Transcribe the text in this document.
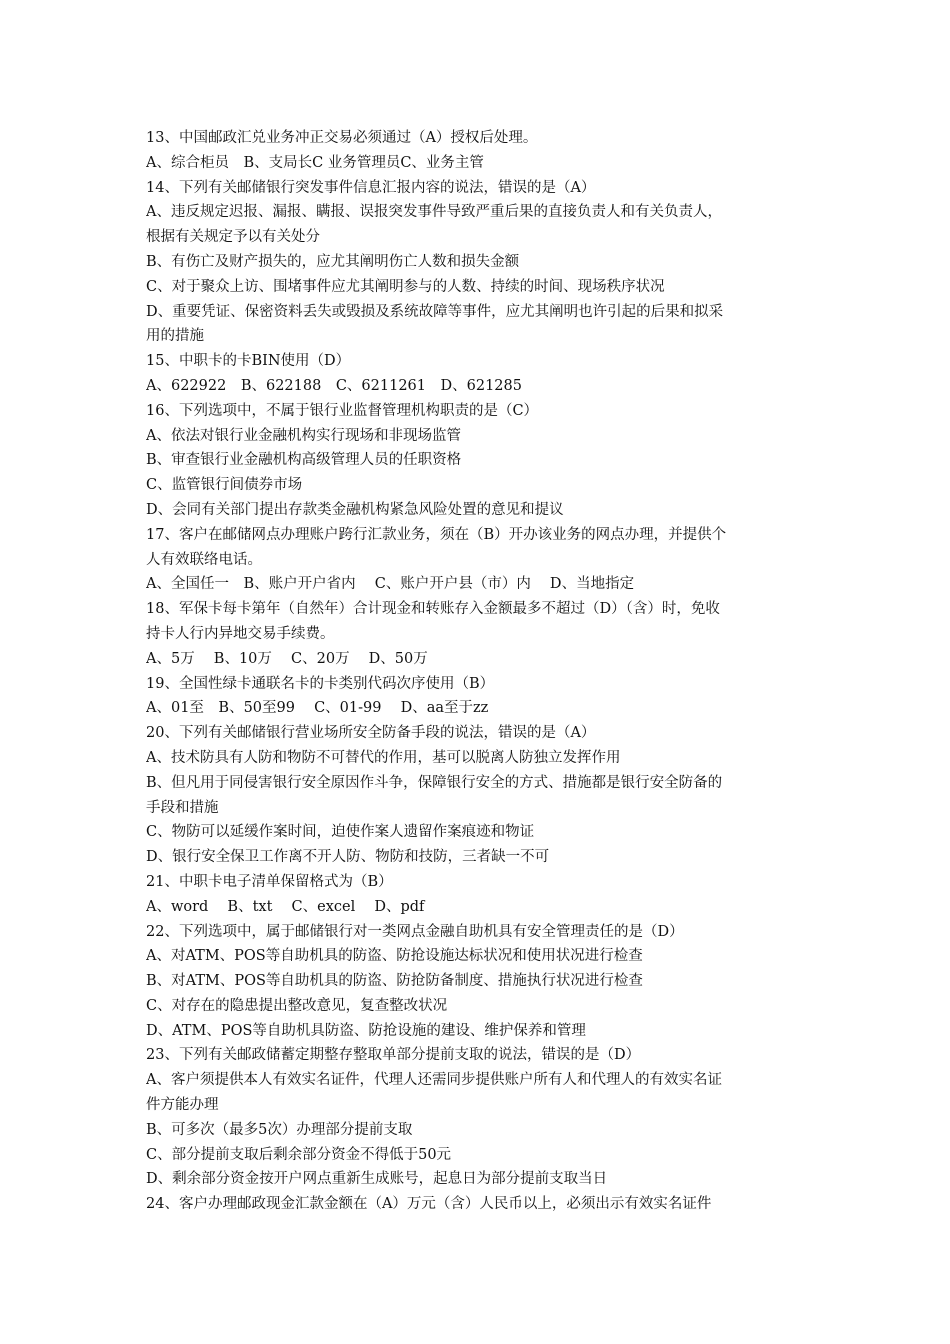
13、中国邮政汇兑业务冲正交易必须通过（A）授权后处理。
A、综合柜员　B、支局长C 业务管理员C、业务主管
14、下列有关邮储银行突发事件信息汇报内容的说法，错误的是（A）
A、违反规定迟报、漏报、瞒报、误报突发事件导致严重后果的直接负责人和有关负责人，
根据有关规定予以有关处分
B、有伤亡及财产损失的，应尤其阐明伤亡人数和损失金额
C、对于聚众上访、围堵事件应尤其阐明参与的人数、持续的时间、现场秩序状况
D、重要凭证、保密资料丢失或毁损及系统故障等事件，应尤其阐明也许引起的后果和拟采
用的措施
15、中职卡的卡BIN使用（D）
A、622922　B、622188　C、6211261　D、621285
16、下列选项中，不属于银行业监督管理机构职责的是（C）
A、依法对银行业金融机构实行现场和非现场监管
B、审查银行业金融机构高级管理人员的任职资格
C、监管银行间债券市场
D、会同有关部门提出存款类金融机构紧急风险处置的意见和提议
17、客户在邮储网点办理账户跨行汇款业务，须在（B）开办该业务的网点办理，并提供个
人有效联络电话。
A、全国任一　B、账户开户省内　 C、账户开户县（市）内　 D、当地指定
18、军保卡每卡第年（自然年）合计现金和转账存入金额最多不超过（D）（含）时，免收
持卡人行内异地交易手续费。
A、5万　 B、10万　 C、20万　 D、50万
19、全国性绿卡通联名卡的卡类别代码次序使用（B）
A、01至　B、50至99　 C、01-99　 D、aa至于zz
20、下列有关邮储银行营业场所安全防备手段的说法，错误的是（A）
A、技术防具有人防和物防不可替代的作用，基可以脱离人防独立发挥作用
B、但凡用于同侵害银行安全原因作斗争，保障银行安全的方式、措施都是银行安全防备的
手段和措施
C、物防可以延缓作案时间，迫使作案人遗留作案痕迹和物证
D、银行安全保卫工作离不开人防、物防和技防，三者缺一不可
21、中职卡电子清单保留格式为（B）
A、word　 B、txt　 C、excel　 D、pdf
22、下列选项中，属于邮储银行对一类网点金融自助机具有安全管理责任的是（D）
A、对ATM、POS等自助机具的防盗、防抢设施达标状况和使用状况进行检查
B、对ATM、POS等自助机具的防盗、防抢防备制度、措施执行状况进行检查
C、对存在的隐患提出整改意见，复查整改状况
D、ATM、POS等自助机具防盗、防抢设施的建设、维护保养和管理
23、下列有关邮政储蓄定期整存整取单部分提前支取的说法，错误的是（D）
A、客户须提供本人有效实名证件，代理人还需同步提供账户所有人和代理人的有效实名证
件方能办理
B、可多次（最多5次）办理部分提前支取
C、部分提前支取后剩余部分资金不得低于50元
D、剩余部分资金按开户网点重新生成账号，起息日为部分提前支取当日
24、客户办理邮政现金汇款金额在（A）万元（含）人民币以上，必须出示有效实名证件
